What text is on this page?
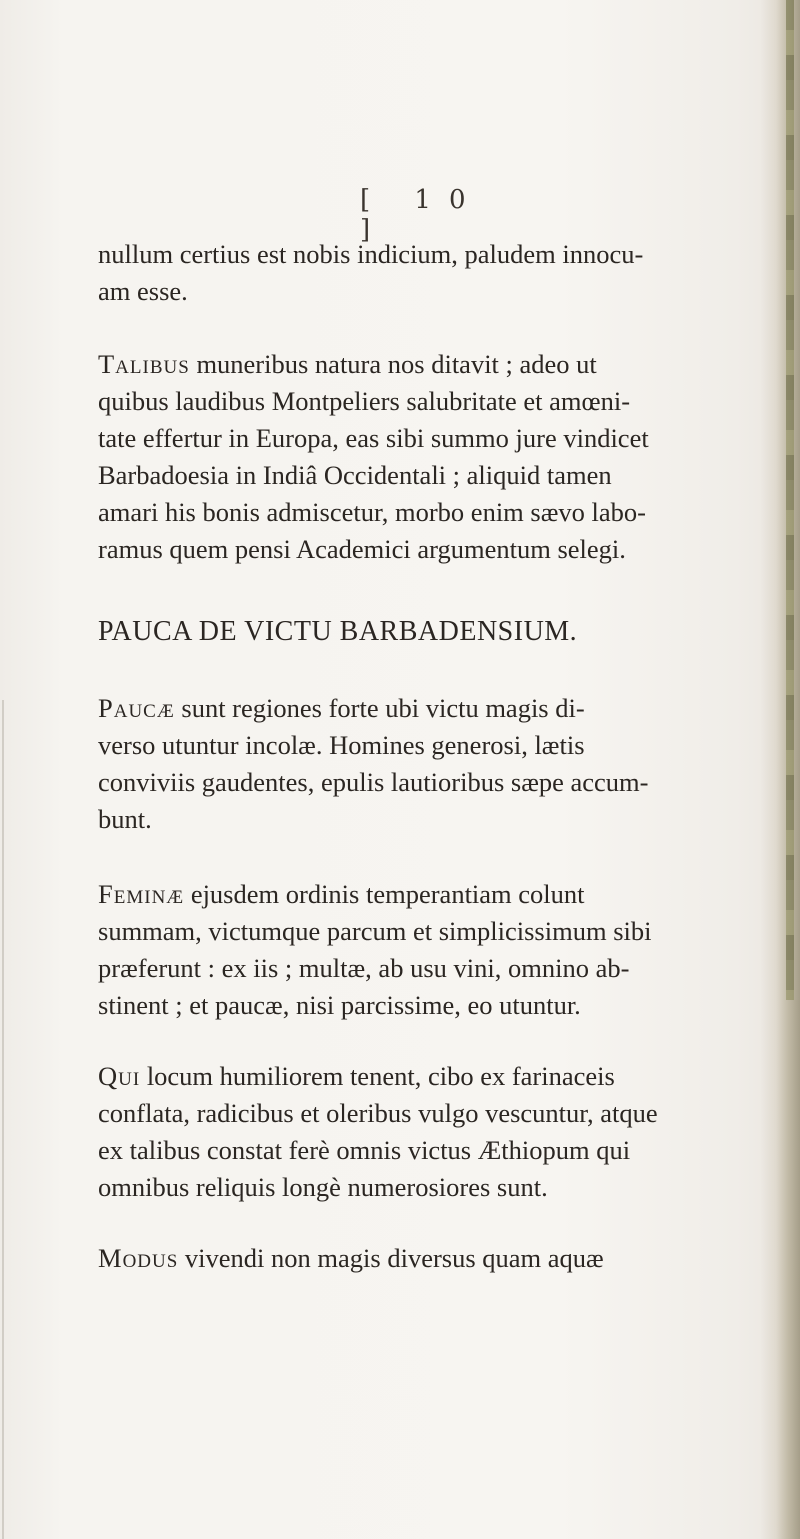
[ 10 ]

nullum certius est nobis indicium, paludem innocu-
am esse.

Talibus muneribus natura nos ditavit ; adeo ut
quibus laudibus Montpeliers salubritate et amœni-
tate effertur in Europa, eas sibi summo jure vindicet
Barbadoesia in Indiâ Occidentali ; aliquid tamen
amari his bonis admiscetur, morbo enim sævo labo-
ramus quem pensi Academici argumentum selegi.

PAUCA DE VICTU BARBADENSIUM.

Paucæ sunt regiones forte ubi victu magis di-
verso utuntur incolæ. Homines generosi, lætis
conviviis gaudentes, epulis lautioribus sæpe accum-
bunt.

Feminæ ejusdem ordinis temperantiam colunt
summam, victumque parcum et simplicissimum sibi
præferunt : ex iis ; multæ, ab usu vini, omnino ab-
stinent ; et paucæ, nisi parcissime, eo utuntur.

Qui locum humiliorem tenent, cibo ex farinaceis
conflata, radicibus et oleribus vulgo vescuntur, atque
ex talibus constat ferè omnis victus Æthiopum qui
omnibus reliquis longè numerosiores sunt.

Modus vivendi non magis diversus quam aquæ
